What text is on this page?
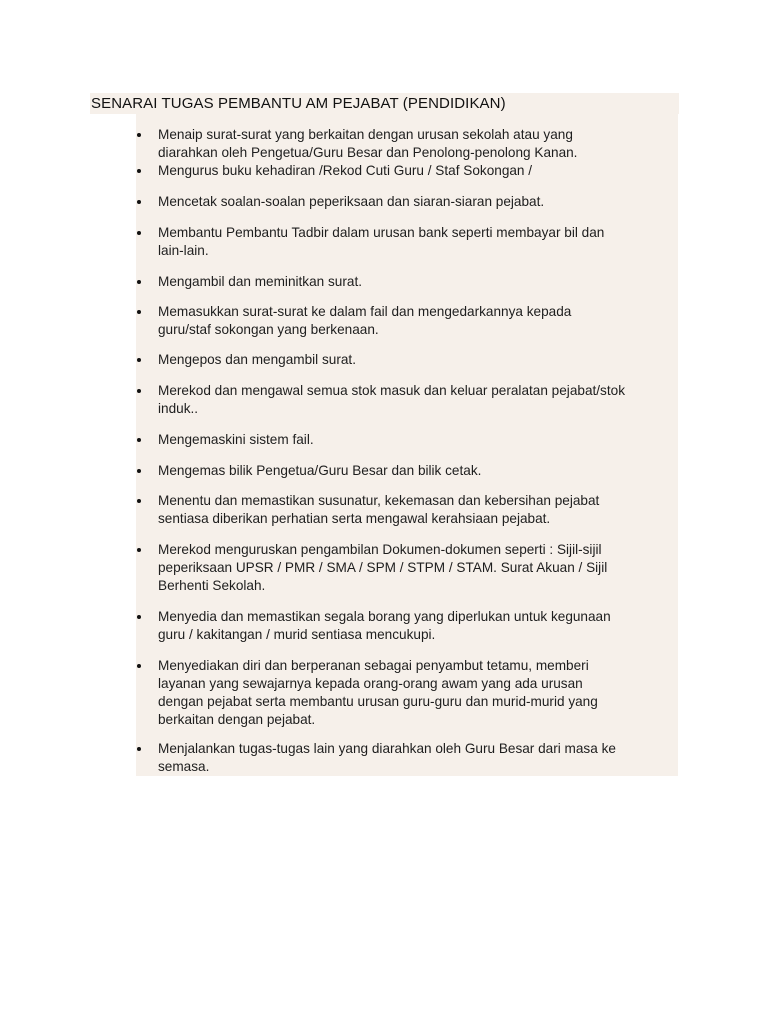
SENARAI TUGAS PEMBANTU AM PEJABAT (PENDIDIKAN)
Menaip surat-surat yang berkaitan dengan urusan sekolah atau yang
diarahkan oleh Pengetua/Guru Besar dan Penolong-penolong Kanan.
Mengurus buku kehadiran /Rekod Cuti Guru / Staf Sokongan /
Mencetak soalan-soalan peperiksaan dan siaran-siaran pejabat.
Membantu Pembantu Tadbir dalam urusan bank seperti membayar bil dan
lain-lain.
Mengambil dan meminitkan surat.
Memasukkan surat-surat ke dalam fail dan mengedarkannya kepada
guru/staf sokongan yang berkenaan.
Mengepos dan mengambil surat.
Merekod dan mengawal semua stok masuk dan keluar peralatan pejabat/stok
induk..
Mengemaskini sistem fail.
Mengemas bilik Pengetua/Guru Besar dan bilik cetak.
Menentu dan memastikan susunatur, kekemasan dan kebersihan pejabat
sentiasa diberikan perhatian serta mengawal kerahsiaan pejabat.
Merekod menguruskan pengambilan Dokumen-dokumen seperti : Sijil-sijil
peperiksaan UPSR / PMR / SMA / SPM / STPM / STAM. Surat Akuan / Sijil
Berhenti Sekolah.
Menyedia dan memastikan segala borang yang diperlukan untuk kegunaan
guru / kakitangan / murid sentiasa mencukupi.
Menyediakan diri dan berperanan sebagai penyambut tetamu, memberi
layanan yang sewajarnya kepada orang-orang awam yang ada urusan
dengan pejabat serta membantu urusan guru-guru dan murid-murid yang
berkaitan dengan pejabat.
Menjalankan tugas-tugas lain yang diarahkan oleh Guru Besar dari masa ke
semasa.
